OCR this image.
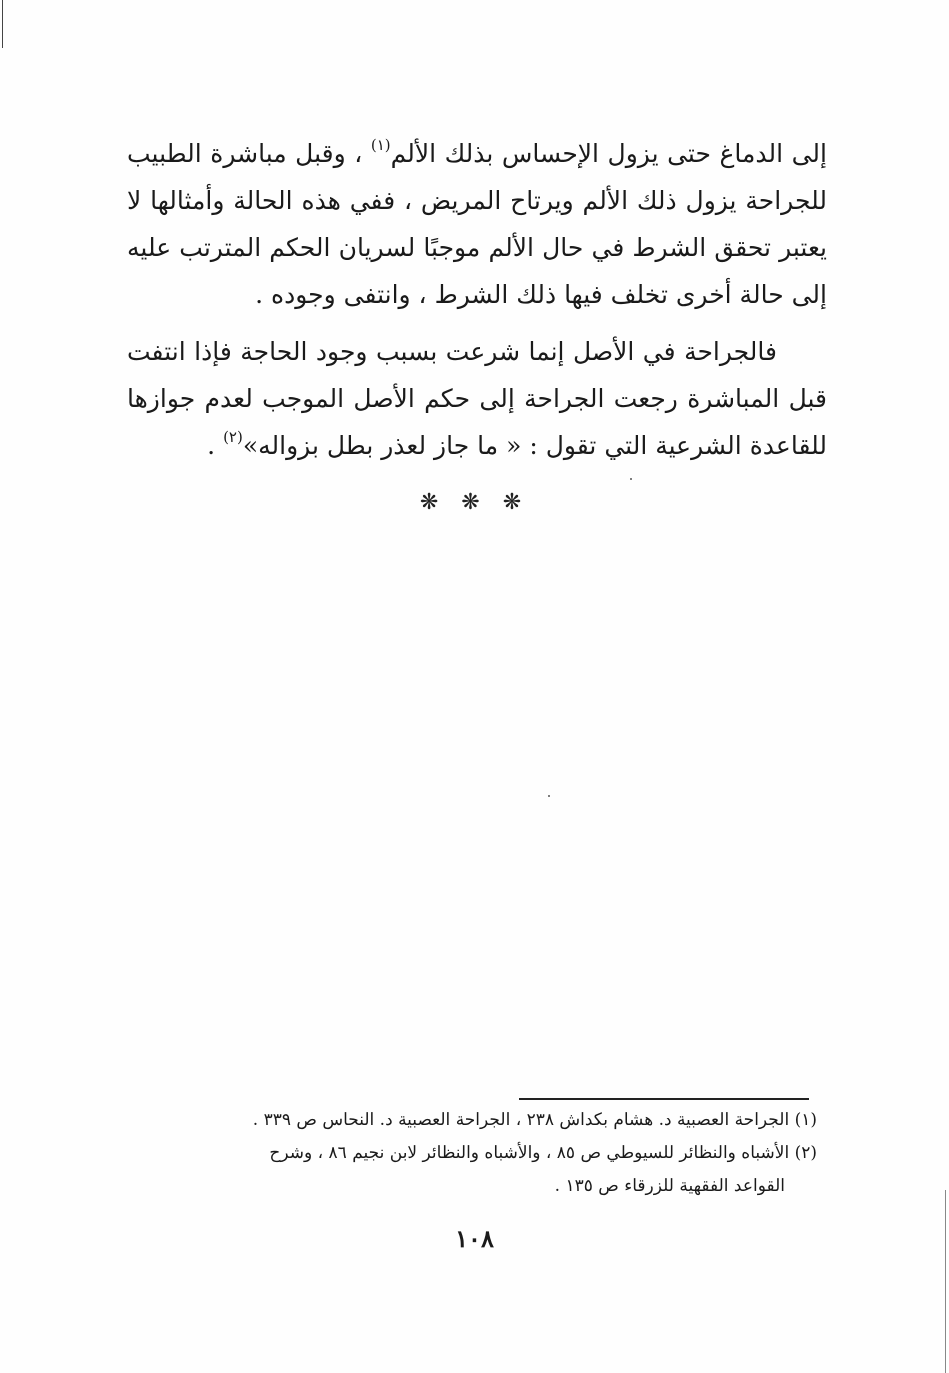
إلى الدماغ حتى يزول الإحساس بذلك الألم$^{(١)}$ ، وقبل مباشرة الطبيب للجراحة يزول ذلك الألم ويرتاح المريض ، ففي هذه الحالة وأمثالها لا يعتبر تحقق الشرط في حال الألم موجبًا لسريان الحكم المترتب عليه إلى حالة أخرى تخلف فيها ذلك الشرط ، وانتفى وجوده .

فالجراحة في الأصل إنما شرعت بسبب وجود الحاجة فإذا انتفت قبل المباشرة رجعت الجراحة إلى حكم الأصل الموجب لعدم جوازها للقاعدة الشرعية التي تقول : « ما جاز لعذر بطل بزواله»$^{(٢)}$ .

❋ ❋ ❋

(١) الجراحة العصبية د. هشام بكداش ٢٣٨ ، الجراحة العصبية د. النحاس ص ٣٣٩ .

(٢) الأشباه والنظائر للسيوطي ص ٨٥ ، والأشباه والنظائر لابن نجيم ٨٦ ، وشرح

القواعد الفقهية للزرقاء ص ١٣٥ .

١٠٨
